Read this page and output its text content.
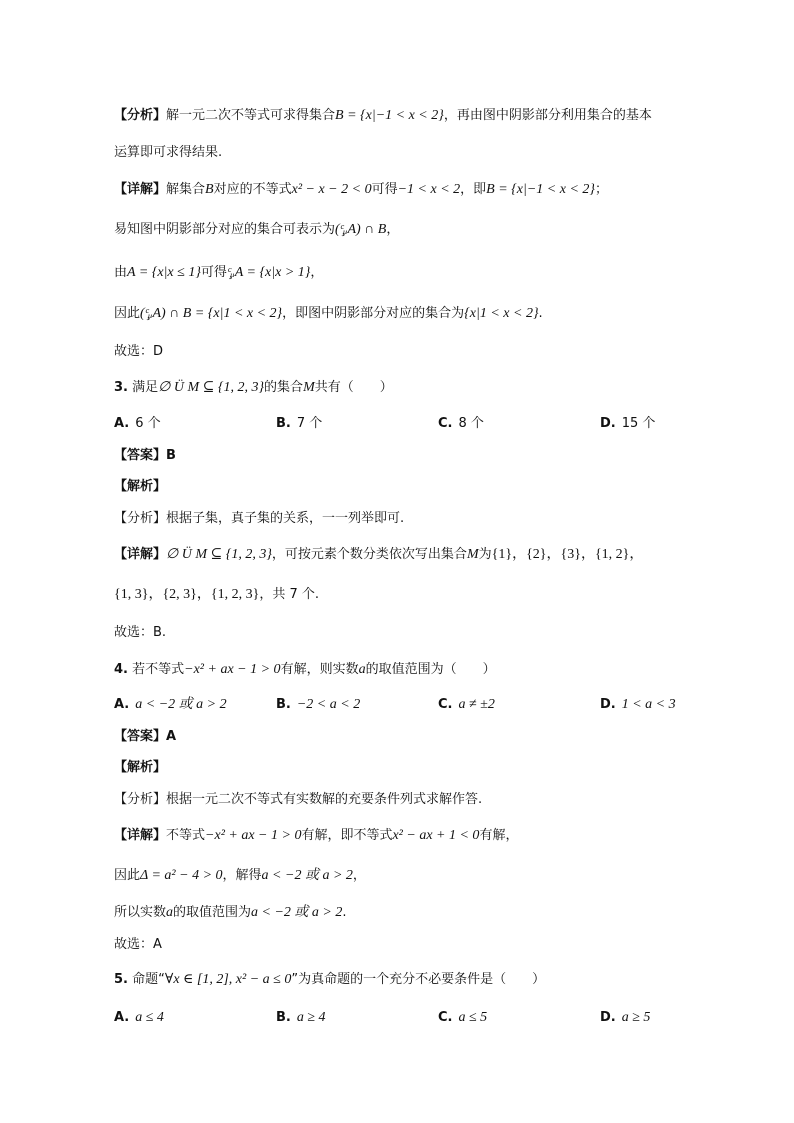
【分析】解一元二次不等式可求得集合B = {x|−1 < x < 2}，再由图中阴影部分利用集合的基本
运算即可求得结果.
【详解】解集合B对应的不等式x² − x − 2 < 0可得−1 < x < 2，即B = {x|−1 < x < 2}；
易知图中阴影部分对应的集合可表示为(ᶜ̧ᵤA) ∩ B，
由A = {x|x ≤ 1}可得ᶜ̧ᵤA = {x|x > 1}，
因此(ᶜ̧ᵤA) ∩ B = {x|1 < x < 2}，即图中阴影部分对应的集合为{x|1 < x < 2}.
故选：D
3. 满足∅ Ü M ⊆ {1, 2, 3}的集合M共有（　　）
A. 6 个	B. 7 个	C. 8 个	D. 15 个
【答案】B
【解析】
【分析】根据子集，真子集的关系，一一列举即可.
【详解】∅ Ü M ⊆ {1, 2, 3}，可按元素个数分类依次写出集合M为{1}，{2}，{3}，{1, 2}，
{1, 3}，{2, 3}，{1, 2, 3}，共 7 个.
故选：B.
4. 若不等式−x² + ax − 1 > 0有解，则实数a的取值范围为（　　）
A. a < −2 或 a > 2	B. −2 < a < 2	C. a ≠ ±2	D. 1 < a < 3
【答案】A
【解析】
【分析】根据一元二次不等式有实数解的充要条件列式求解作答.
【详解】不等式−x² + ax − 1 > 0有解，即不等式x² − ax + 1 < 0有解，
因此Δ = a² − 4 > 0，解得a < −2 或 a > 2，
所以实数a的取值范围为a < −2 或 a > 2.
故选：A
5. 命题“∀x ∈ [1, 2], x² − a ≤ 0”为真命题的一个充分不必要条件是（　　）
A. a ≤ 4	B. a ≥ 4	C. a ≤ 5	D. a ≥ 5
